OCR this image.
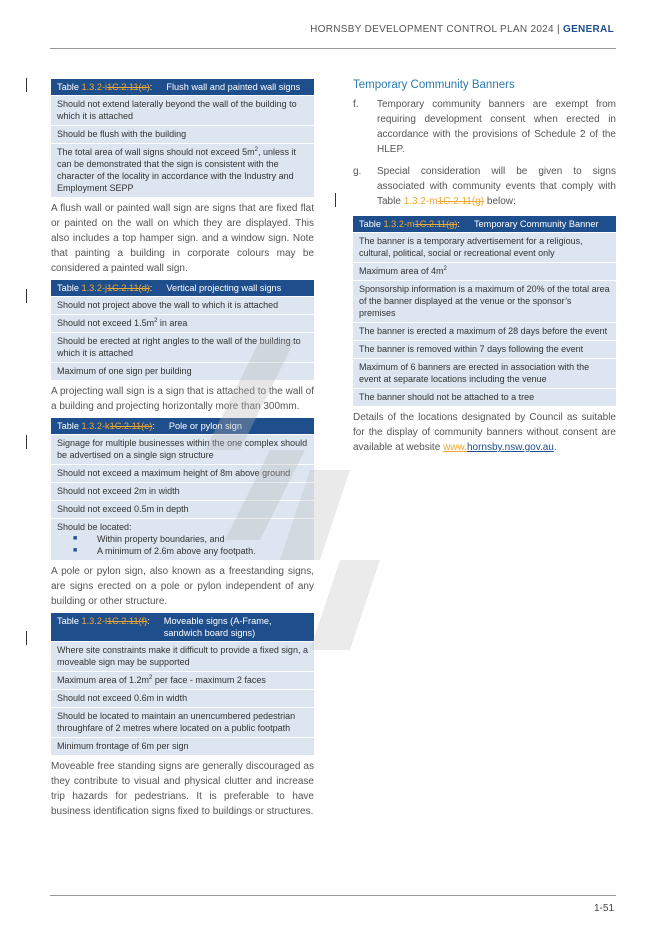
HORNSBY DEVELOPMENT CONTROL PLAN 2024 | GENERAL
Table 1.3.2-i1C.2.11(e): Flush wall and painted wall signs
Should not extend laterally beyond the wall of the building to which it is attached
Should be flush with the building
The total area of wall signs should not exceed $5m^2$, unless it can be demonstrated that the sign is consistent with the character of the locality in accordance with the Industry and Employment SEPP

A flush wall or painted wall sign are signs that are fixed flat or painted on the wall on which they are displayed. This also includes a top hamper sign. and a window sign. Note that painting a building in corporate colours may be considered a painted wall sign.

Table 1.3.2-j1C.2.11(d): Vertical projecting wall signs
Should not project above the wall to which it is attached
Should not exceed $1.5m^2$ in area
Should be erected at right angles to the wall of the building to which it is attached
Maximum of one sign per building

A projecting wall sign is a sign that is attached to the wall of a building and projecting horizontally more than 300mm.

Table 1.3.2-k1C.2.11(e): Pole or pylon sign
Signage for multiple businesses within the one complex should be advertised on a single sign structure
Should not exceed a maximum height of 8m above ground
Should not exceed 2m in width
Should not exceed 0.5m in depth
Should be located:
■	Within property boundaries, and
■	A minimum of 2.6m above any footpath.

A pole or pylon sign, also known as a freestanding signs, are signs erected on a pole or pylon independent of any building or other structure.

Table 1.3.2-l1C.2.11(f): Moveable signs (A-Frame, sandwich board signs)
Where site constraints make it difficult to provide a fixed sign, a moveable sign may be supported
Maximum area of $1.2m^2$ per face - maximum 2 faces
Should not exceed 0.6m in width
Should be located to maintain an unencumbered pedestrian throughfare of 2 metres where located on a public footpath
Minimum frontage of 6m per sign

Moveable free standing signs are generally discouraged as they contribute to visual and physical clutter and increase trip hazards for pedestrians. It is preferable to have business identification signs fixed to buildings or structures.

Temporary Community Banners
f.	Temporary community banners are exempt from requiring development consent when erected in accordance with the provisions of Schedule 2 of the HLEP.
g.	Special consideration will be given to signs associated with community events that comply with Table 1.3.2-m1C.2.11(g) below:
Table 1.3.2-m1C.2.11(g): Temporary Community Banner
The banner is a temporary advertisement for a religious, cultural, political, social or recreational event only
Maximum area of $4m^2$
Sponsorship information is a maximum of 20% of the total area of the banner displayed at the venue or the sponsor’s premises
The banner is erected a maximum of 28 days before the event
The banner is removed within 7 days following the event
Maximum of 6 banners are erected in association with the event at separate locations including the venue
The banner should not be attached to a tree

Details of the locations designated by Council as suitable for the display of community banners without consent are available at website www.hornsby.nsw.gov.au.

1-51
